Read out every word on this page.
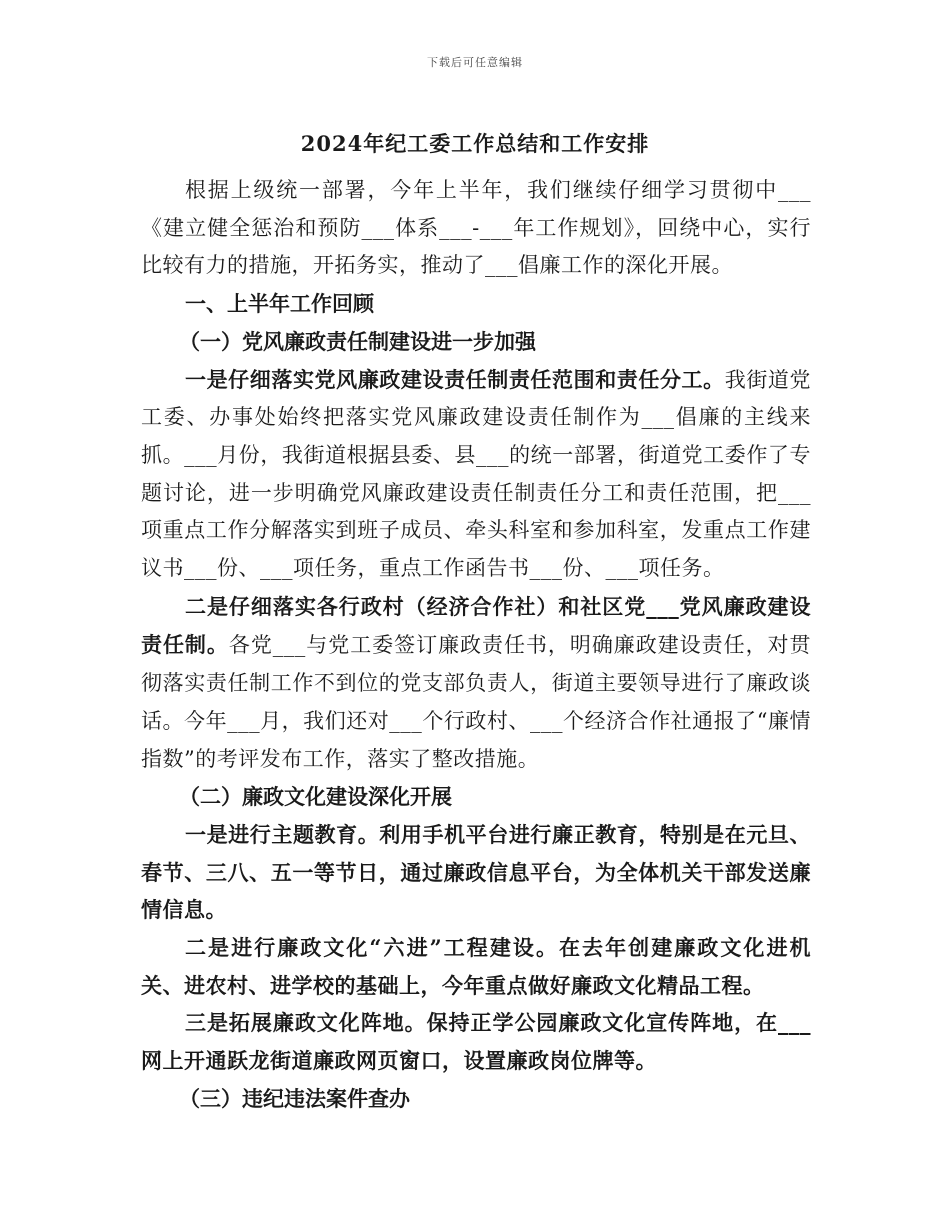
下载后可任意编辑
2024年纪工委工作总结和工作安排

根据上级统一部署，今年上半年，我们继续仔细学习贯彻中___《建立健全惩治和预防___体系___-___年工作规划》，回绕中心，实行比较有力的措施，开拓务实，推动了___倡廉工作的深化开展。

一、上半年工作回顾

（一）党风廉政责任制建设进一步加强

一是仔细落实党风廉政建设责任制责任范围和责任分工。我街道党工委、办事处始终把落实党风廉政建设责任制作为___倡廉的主线来抓。___月份，我街道根据县委、县___的统一部署，街道党工委作了专题讨论，进一步明确党风廉政建设责任制责任分工和责任范围，把___项重点工作分解落实到班子成员、牵头科室和参加科室，发重点工作建议书___份、___项任务，重点工作函告书___份、___项任务。

二是仔细落实各行政村（经济合作社）和社区党___党风廉政建设责任制。各党___与党工委签订廉政责任书，明确廉政建设责任，对贯彻落实责任制工作不到位的党支部负责人，街道主要领导进行了廉政谈话。今年___月，我们还对___个行政村、___个经济合作社通报了“廉情指数”的考评发布工作，落实了整改措施。

（二）廉政文化建设深化开展

一是进行主题教育。利用手机平台进行廉正教育，特别是在元旦、春节、三八、五一等节日，通过廉政信息平台，为全体机关干部发送廉情信息。

二是进行廉政文化“六进”工程建设。在去年创建廉政文化进机关、进农村、进学校的基础上，今年重点做好廉政文化精品工程。

三是拓展廉政文化阵地。保持正学公园廉政文化宣传阵地，在___网上开通跃龙街道廉政网页窗口，设置廉政岗位牌等。

（三）违纪违法案件查办
